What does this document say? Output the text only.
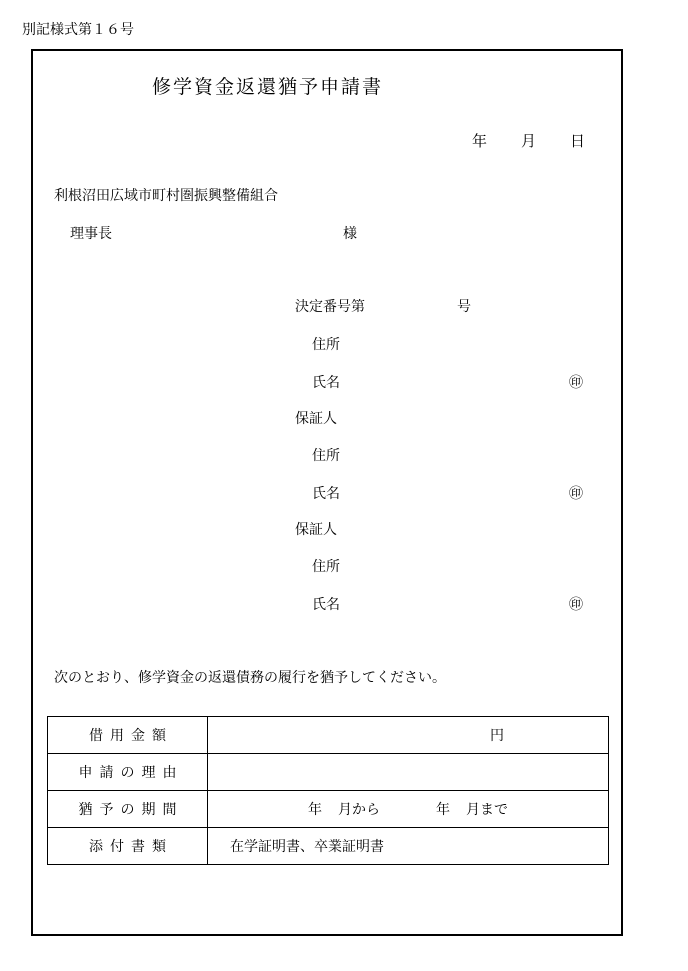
別記様式第１６号
修学資金返還猶予申請書
年 月 日
利根沼田広域市町村圏振興整備組合
理事長	様
決定番号第	号
住所
氏名	㊞
保証人
住所
氏名	㊞
保証人
住所
氏名	㊞
次のとおり、修学資金の返還債務の履行を猶予してください。
借用金額	円
申請の理由	
猶予の期間	年 月から 年 月まで
添付書類	在学証明書、卒業証明書
